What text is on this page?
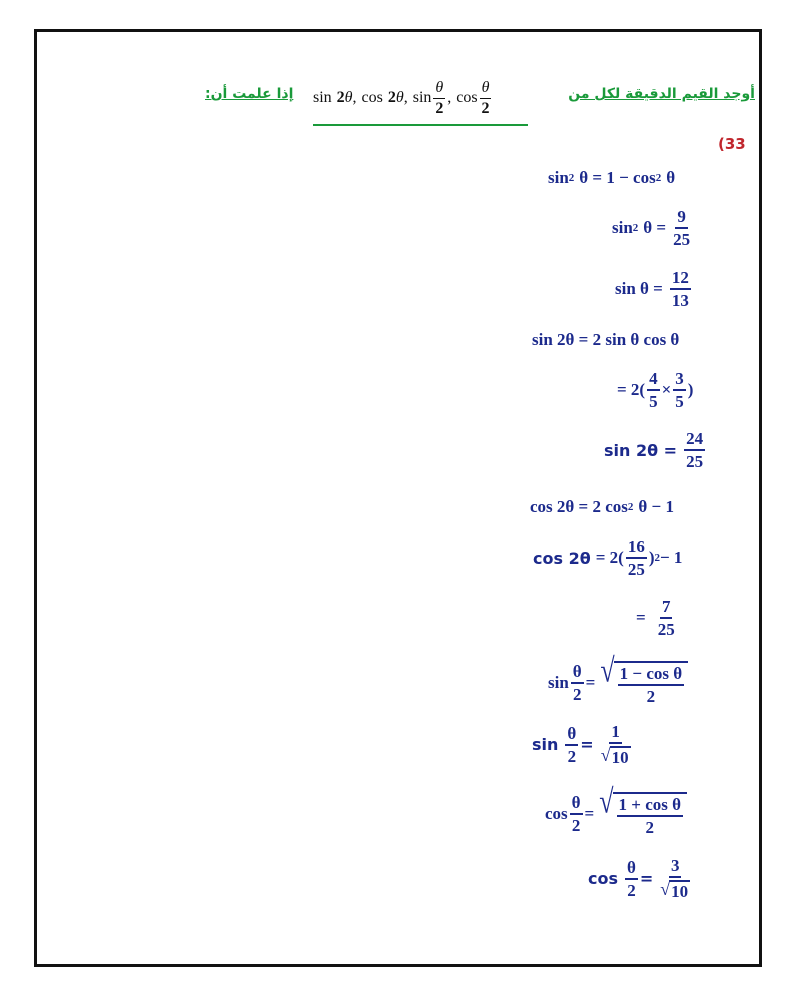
أوجد القيم الدقيقة لكل من
إذا علمت أن: sin 2 θ , cos 2 θ , $\sin \frac{\theta}{2}$ , $\cos \frac{\theta}{2}$
(33
sin 2 θ = 1 − cos 2 θ
sin 2 $\theta = \frac{9}{25}$
$\sin \theta = \frac{12}{13}$
sin 2θ = 2 sin θ cos θ
= $2( \frac{4}{5} \times \frac{3}{5}$ )
$\sin 2\theta = \frac{24}{25}$
cos 2θ = 2 cos 2 θ − 1
$\cos 2\theta = 2( \frac{16}{25}$ ) 2 − 1
= $\frac{7}{25}$
$\sin \frac{\theta}{2}$ = √ $\frac{\text{1 − cos θ}}{2}$
$\sin \frac{\theta}{2} = \frac{1}{√ 10}$
$\cos \frac{\theta}{2}$ = √ $\frac{\text{1 + cos θ}}{2}$
$\cos \frac{\theta}{2} = \frac{3}{√ 10}$
